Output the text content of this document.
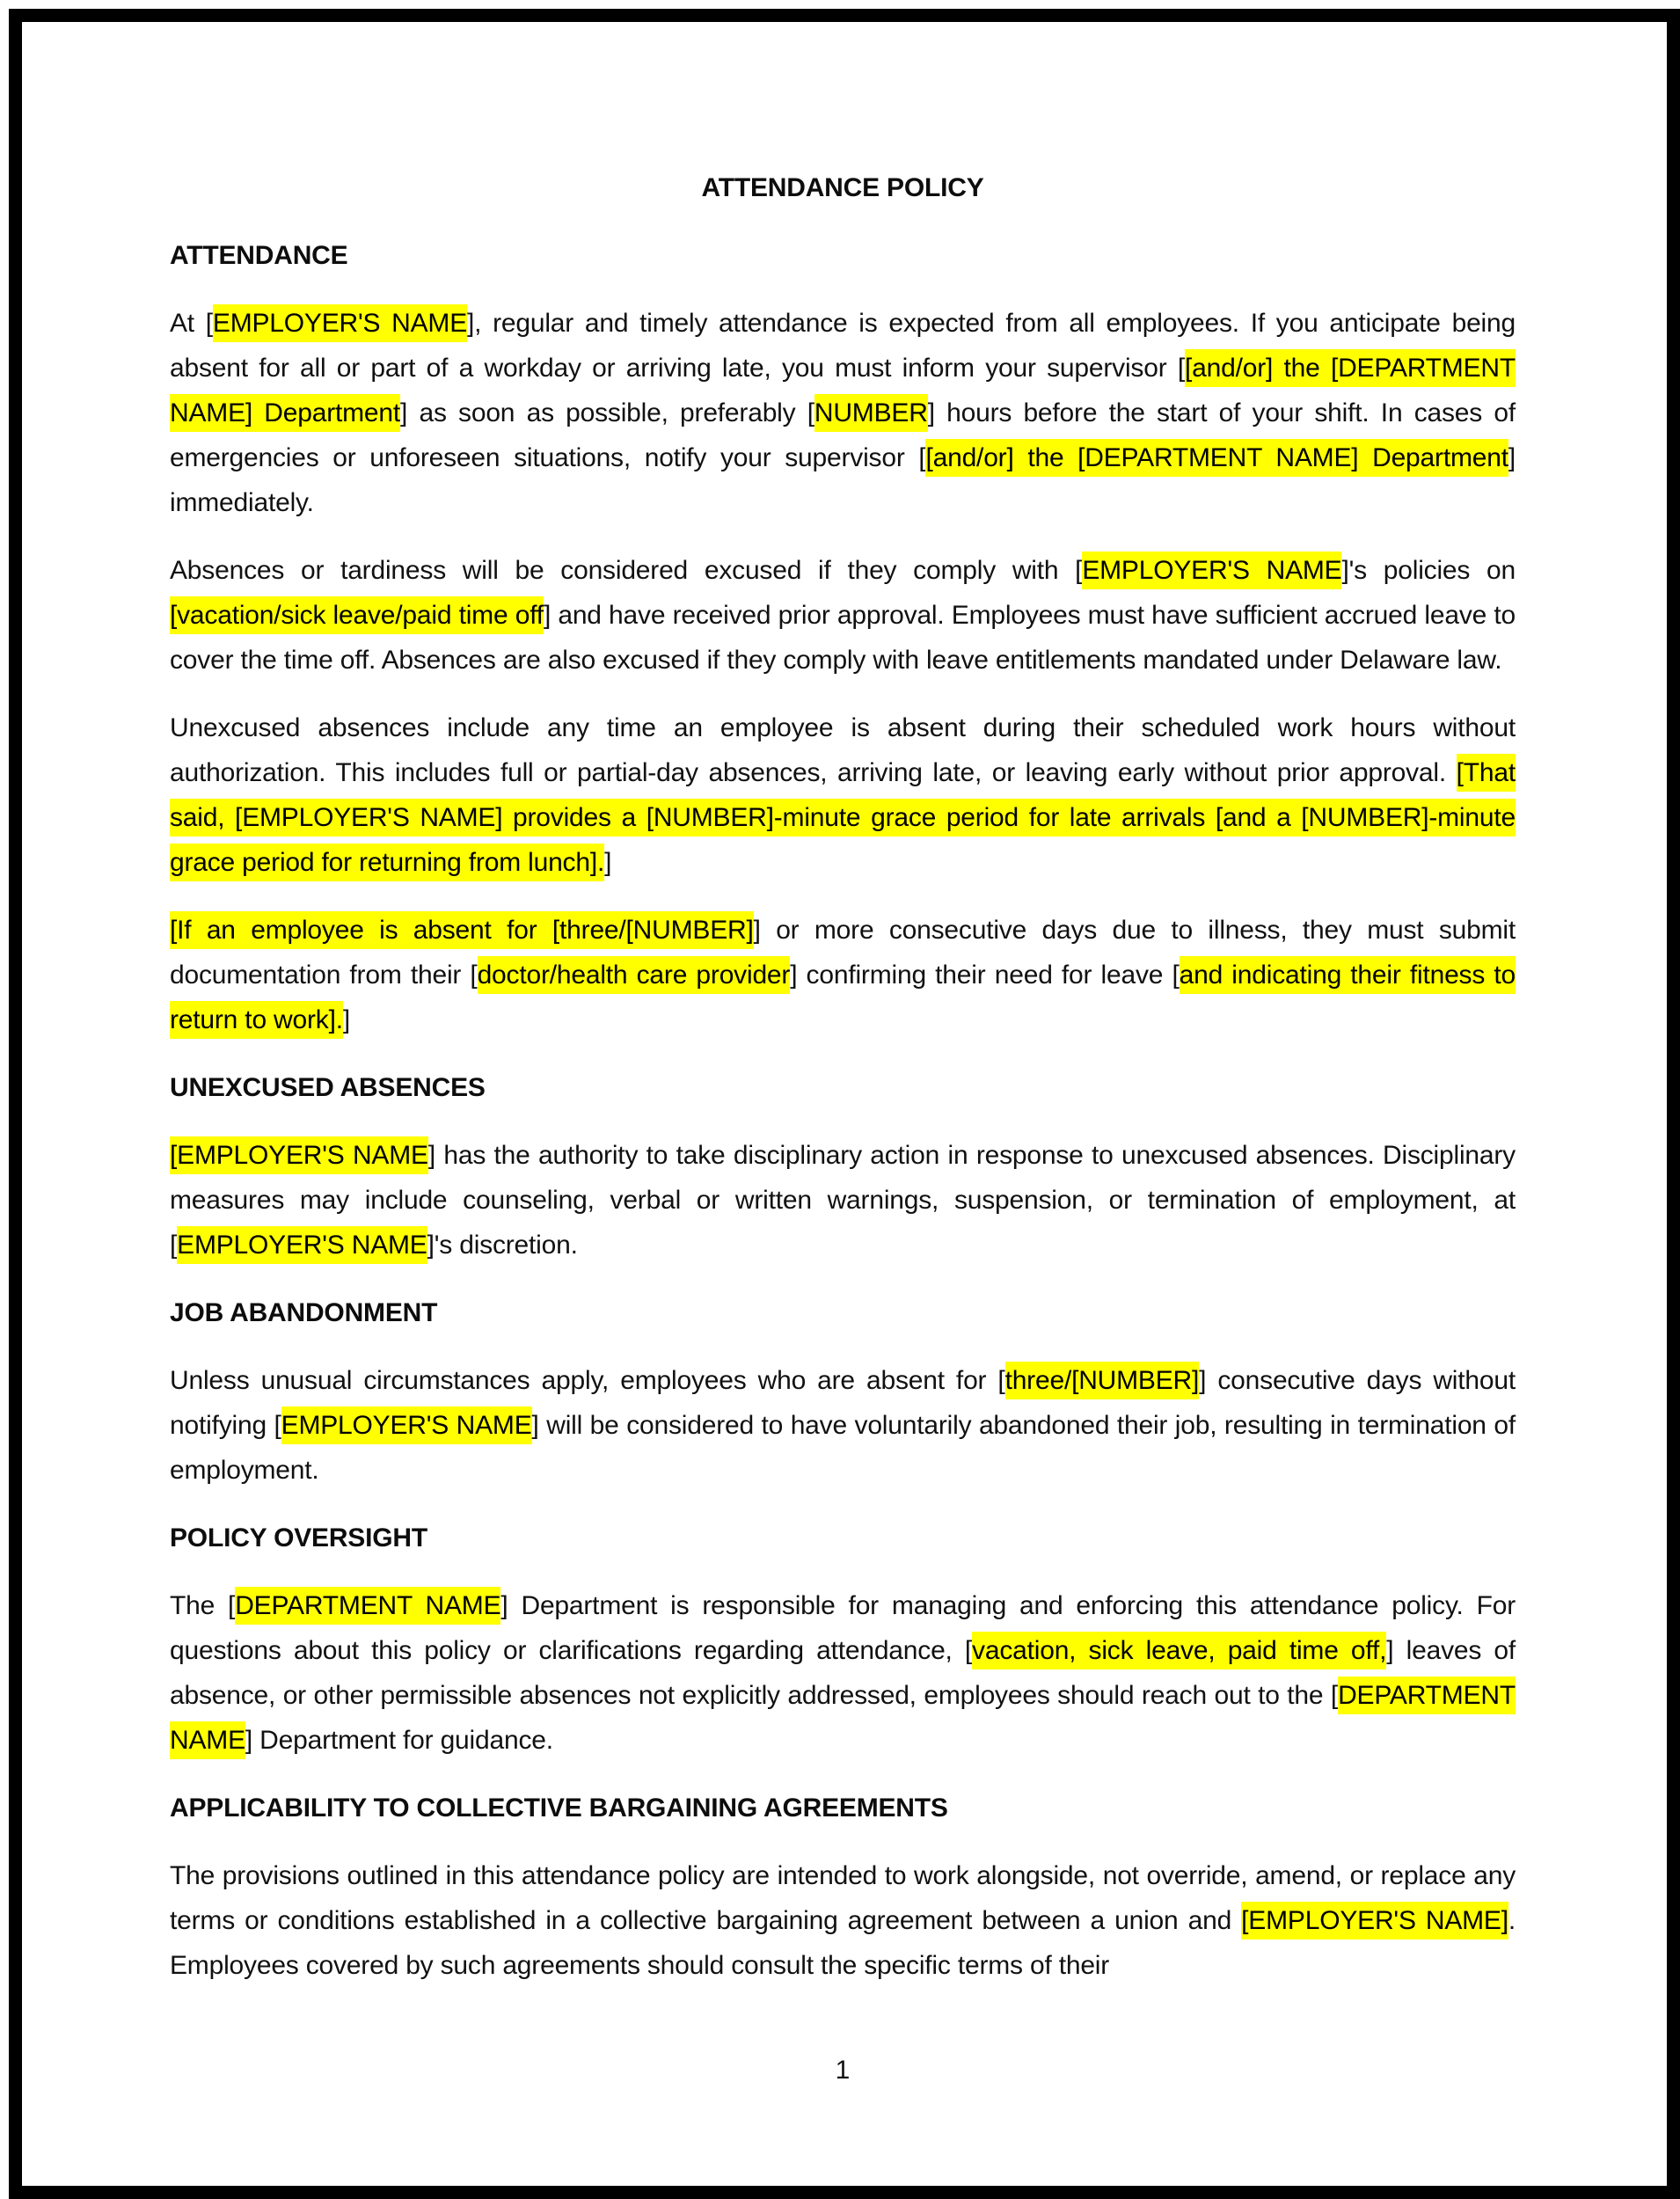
ATTENDANCE POLICY
ATTENDANCE
At [EMPLOYER'S NAME], regular and timely attendance is expected from all employees. If you anticipate being absent for all or part of a workday or arriving late, you must inform your supervisor [[and/or] the [DEPARTMENT NAME] Department] as soon as possible, preferably [NUMBER] hours before the start of your shift. In cases of emergencies or unforeseen situations, notify your supervisor [[and/or] the [DEPARTMENT NAME] Department] immediately.
Absences or tardiness will be considered excused if they comply with [EMPLOYER'S NAME]'s policies on [vacation/sick leave/paid time off] and have received prior approval. Employees must have sufficient accrued leave to cover the time off. Absences are also excused if they comply with leave entitlements mandated under Delaware law.
Unexcused absences include any time an employee is absent during their scheduled work hours without authorization. This includes full or partial-day absences, arriving late, or leaving early without prior approval. [That said, [EMPLOYER'S NAME] provides a [NUMBER]-minute grace period for late arrivals [and a [NUMBER]-minute grace period for returning from lunch].]
[If an employee is absent for [three/[NUMBER]] or more consecutive days due to illness, they must submit documentation from their [doctor/health care provider] confirming their need for leave [and indicating their fitness to return to work].]
UNEXCUSED ABSENCES
[EMPLOYER'S NAME] has the authority to take disciplinary action in response to unexcused absences. Disciplinary measures may include counseling, verbal or written warnings, suspension, or termination of employment, at [EMPLOYER'S NAME]'s discretion.
JOB ABANDONMENT
Unless unusual circumstances apply, employees who are absent for [three/[NUMBER]] consecutive days without notifying [EMPLOYER'S NAME] will be considered to have voluntarily abandoned their job, resulting in termination of employment.
POLICY OVERSIGHT
The [DEPARTMENT NAME] Department is responsible for managing and enforcing this attendance policy. For questions about this policy or clarifications regarding attendance, [vacation, sick leave, paid time off,] leaves of absence, or other permissible absences not explicitly addressed, employees should reach out to the [DEPARTMENT NAME] Department for guidance.
APPLICABILITY TO COLLECTIVE BARGAINING AGREEMENTS
The provisions outlined in this attendance policy are intended to work alongside, not override, amend, or replace any terms or conditions established in a collective bargaining agreement between a union and [EMPLOYER'S NAME]. Employees covered by such agreements should consult the specific terms of their
1
